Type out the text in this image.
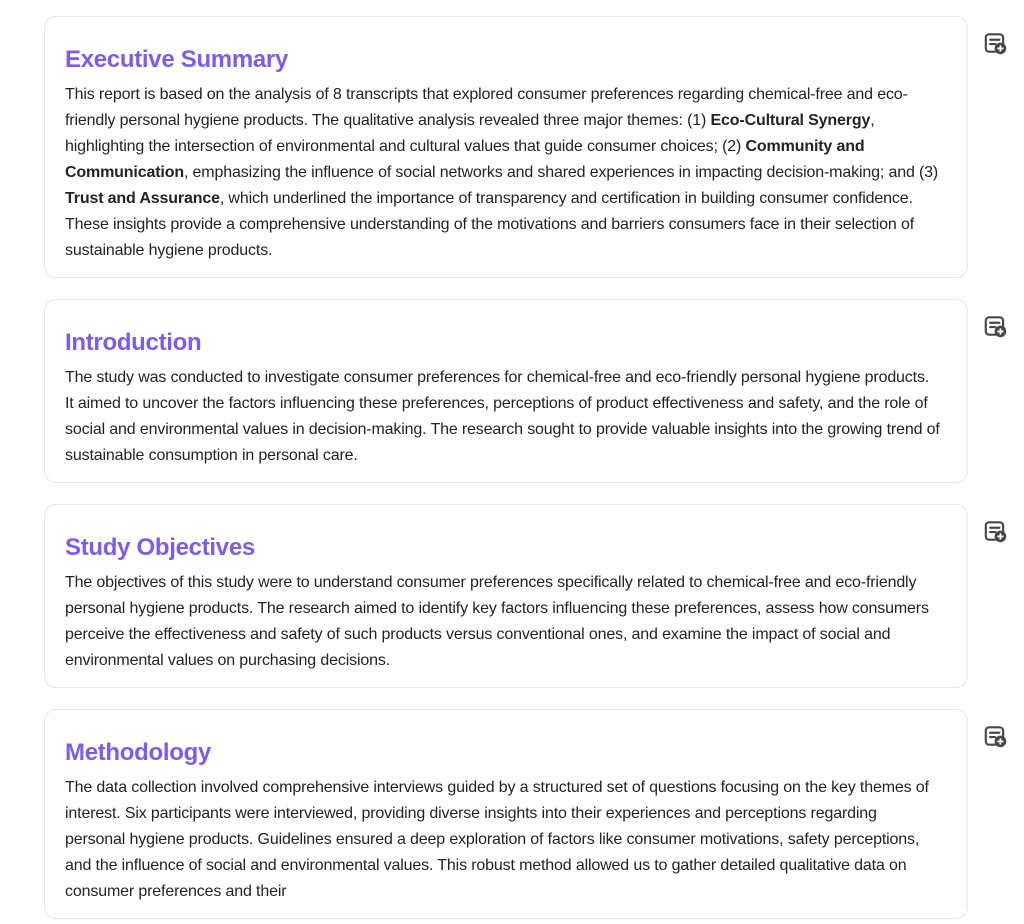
Executive Summary

This report is based on the analysis of 8 transcripts that explored consumer preferences regarding chemical-free and eco-friendly personal hygiene products. The qualitative analysis revealed three major themes: (1) Eco-Cultural Synergy, highlighting the intersection of environmental and cultural values that guide consumer choices; (2) Community and Communication, emphasizing the influence of social networks and shared experiences in impacting decision-making; and (3) Trust and Assurance, which underlined the importance of transparency and certification in building consumer confidence. These insights provide a comprehensive understanding of the motivations and barriers consumers face in their selection of sustainable hygiene products.

Introduction

The study was conducted to investigate consumer preferences for chemical-free and eco-friendly personal hygiene products. It aimed to uncover the factors influencing these preferences, perceptions of product effectiveness and safety, and the role of social and environmental values in decision-making. The research sought to provide valuable insights into the growing trend of sustainable consumption in personal care.

Study Objectives

The objectives of this study were to understand consumer preferences specifically related to chemical-free and eco-friendly personal hygiene products. The research aimed to identify key factors influencing these preferences, assess how consumers perceive the effectiveness and safety of such products versus conventional ones, and examine the impact of social and environmental values on purchasing decisions.

Methodology

The data collection involved comprehensive interviews guided by a structured set of questions focusing on the key themes of interest. Six participants were interviewed, providing diverse insights into their experiences and perceptions regarding personal hygiene products. Guidelines ensured a deep exploration of factors like consumer motivations, safety perceptions, and the influence of social and environmental values. This robust method allowed us to gather detailed qualitative data on consumer preferences and their
